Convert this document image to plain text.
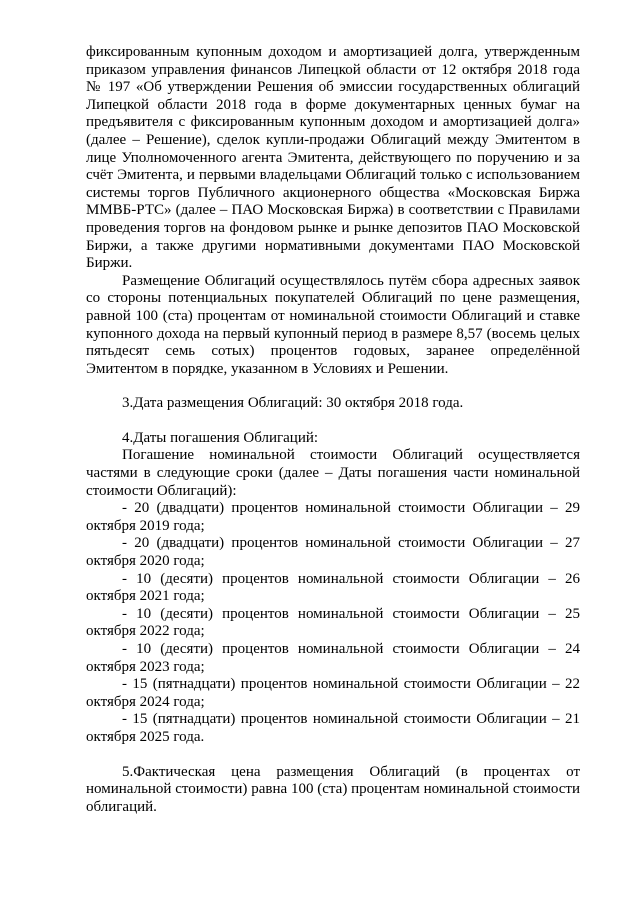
фиксированным купонным доходом и амортизацией долга, утвержденным приказом управления финансов Липецкой области от 12 октября 2018 года № 197 «Об утверждении Решения об эмиссии государственных облигаций Липецкой области 2018 года в форме документарных ценных бумаг на предъявителя с фиксированным купонным доходом и амортизацией долга» (далее – Решение), сделок купли-продажи Облигаций между Эмитентом в лице Уполномоченного агента Эмитента, действующего по поручению и за счёт Эмитента, и первыми владельцами Облигаций только с использованием системы торгов Публичного акционерного общества «Московская Биржа ММВБ-РТС» (далее – ПАО Московская Биржа) в соответствии с Правилами проведения торгов на фондовом рынке и рынке депозитов ПАО Московской Биржи, а также другими нормативными документами ПАО Московской Биржи.

Размещение Облигаций осуществлялось путём сбора адресных заявок со стороны потенциальных покупателей Облигаций по цене размещения, равной 100 (ста) процентам от номинальной стоимости Облигаций и ставке купонного дохода на первый купонный период в размере 8,57 (восемь целых пятьдесят семь сотых) процентов годовых, заранее определённой Эмитентом в порядке, указанном в Условиях и Решении.

3.Дата размещения Облигаций: 30 октября 2018 года.

4.Даты погашения Облигаций:

Погашение номинальной стоимости Облигаций осуществляется частями в следующие сроки (далее – Даты погашения части номинальной стоимости Облигаций):

- 20 (двадцати) процентов номинальной стоимости Облигации – 29 октября 2019 года;

- 20 (двадцати) процентов номинальной стоимости Облигации – 27 октября 2020 года;

- 10 (десяти) процентов номинальной стоимости Облигации – 26 октября 2021 года;

- 10 (десяти) процентов номинальной стоимости Облигации – 25 октября 2022 года;

- 10 (десяти) процентов номинальной стоимости Облигации – 24 октября 2023 года;

- 15 (пятнадцати) процентов номинальной стоимости Облигации – 22 октября 2024 года;

- 15 (пятнадцати) процентов номинальной стоимости Облигации – 21 октября 2025 года.

5.Фактическая цена размещения Облигаций (в процентах от номинальной стоимости) равна 100 (ста) процентам номинальной стоимости облигаций.
